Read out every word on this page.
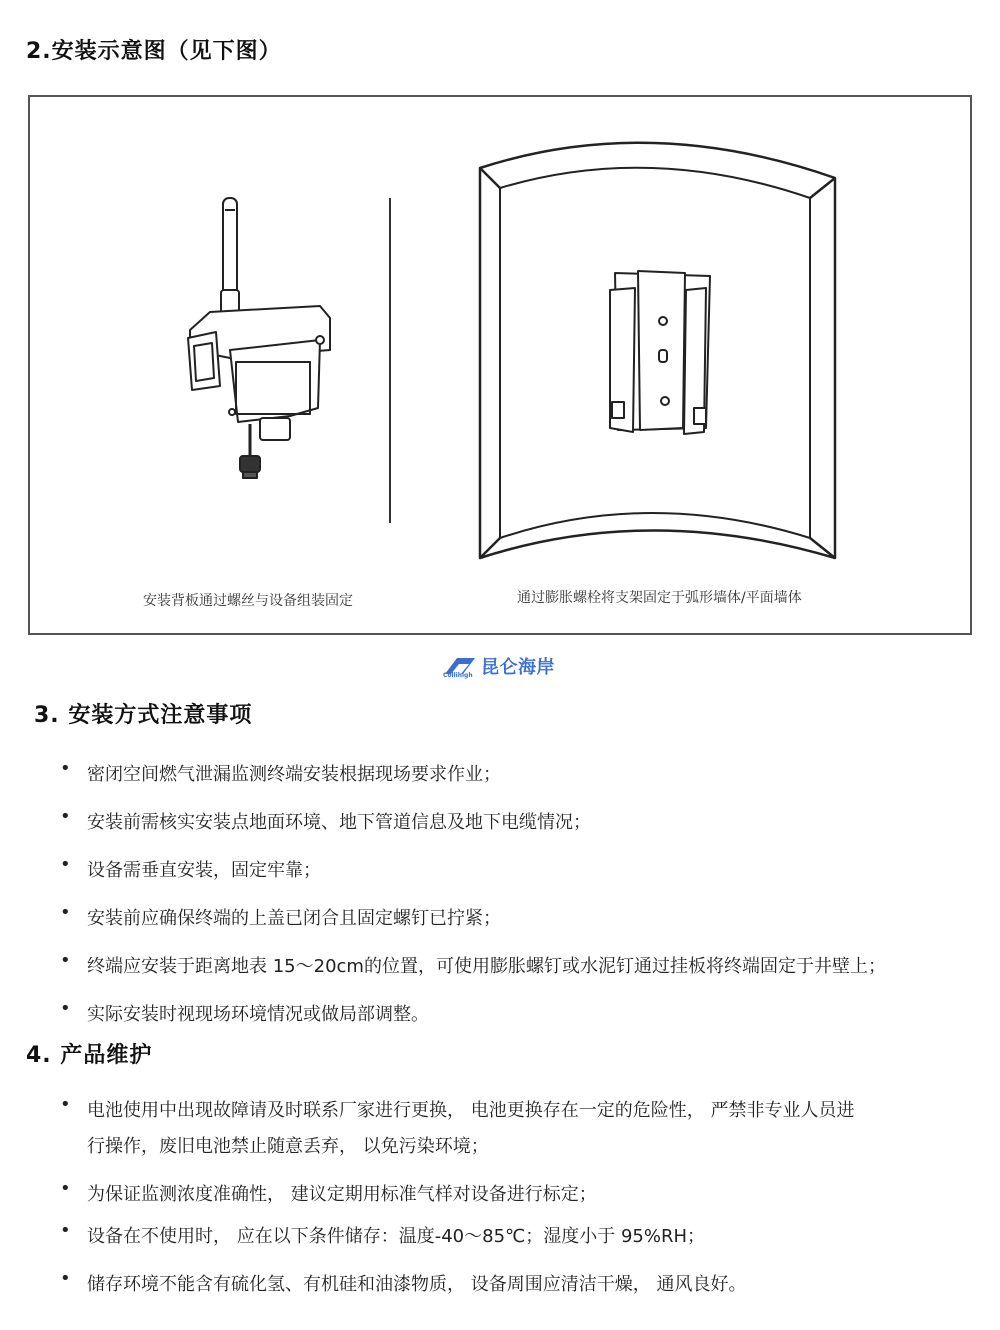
2.安装示意图（见下图）
安装背板通过螺丝与设备组装固定	通过膨胀螺栓将支架固定于弧形墙体/平面墙体
昆仑海岸
Collihigh
3. 安装方式注意事项
• 密闭空间燃气泄漏监测终端安装根据现场要求作业；
• 安装前需核实安装点地面环境、地下管道信息及地下电缆情况；
• 设备需垂直安装，固定牢靠；
• 安装前应确保终端的上盖已闭合且固定螺钉已拧紧；
• 终端应安装于距离地表 15～20cm的位置，可使用膨胀螺钉或水泥钉通过挂板将终端固定于井壁上；
• 实际安装时视现场环境情况或做局部调整。
4. 产品维护
• 电池使用中出现故障请及时联系厂家进行更换， 电池更换存在一定的危险性， 严禁非专业人员进
行操作，废旧电池禁止随意丢弃， 以免污染环境；
• 为保证监测浓度准确性， 建议定期用标准气样对设备进行标定；
• 设备在不使用时， 应在以下条件储存：温度-40～85℃；湿度小于 95%RH；
• 储存环境不能含有硫化氢、有机硅和油漆物质， 设备周围应清洁干燥， 通风良好。
